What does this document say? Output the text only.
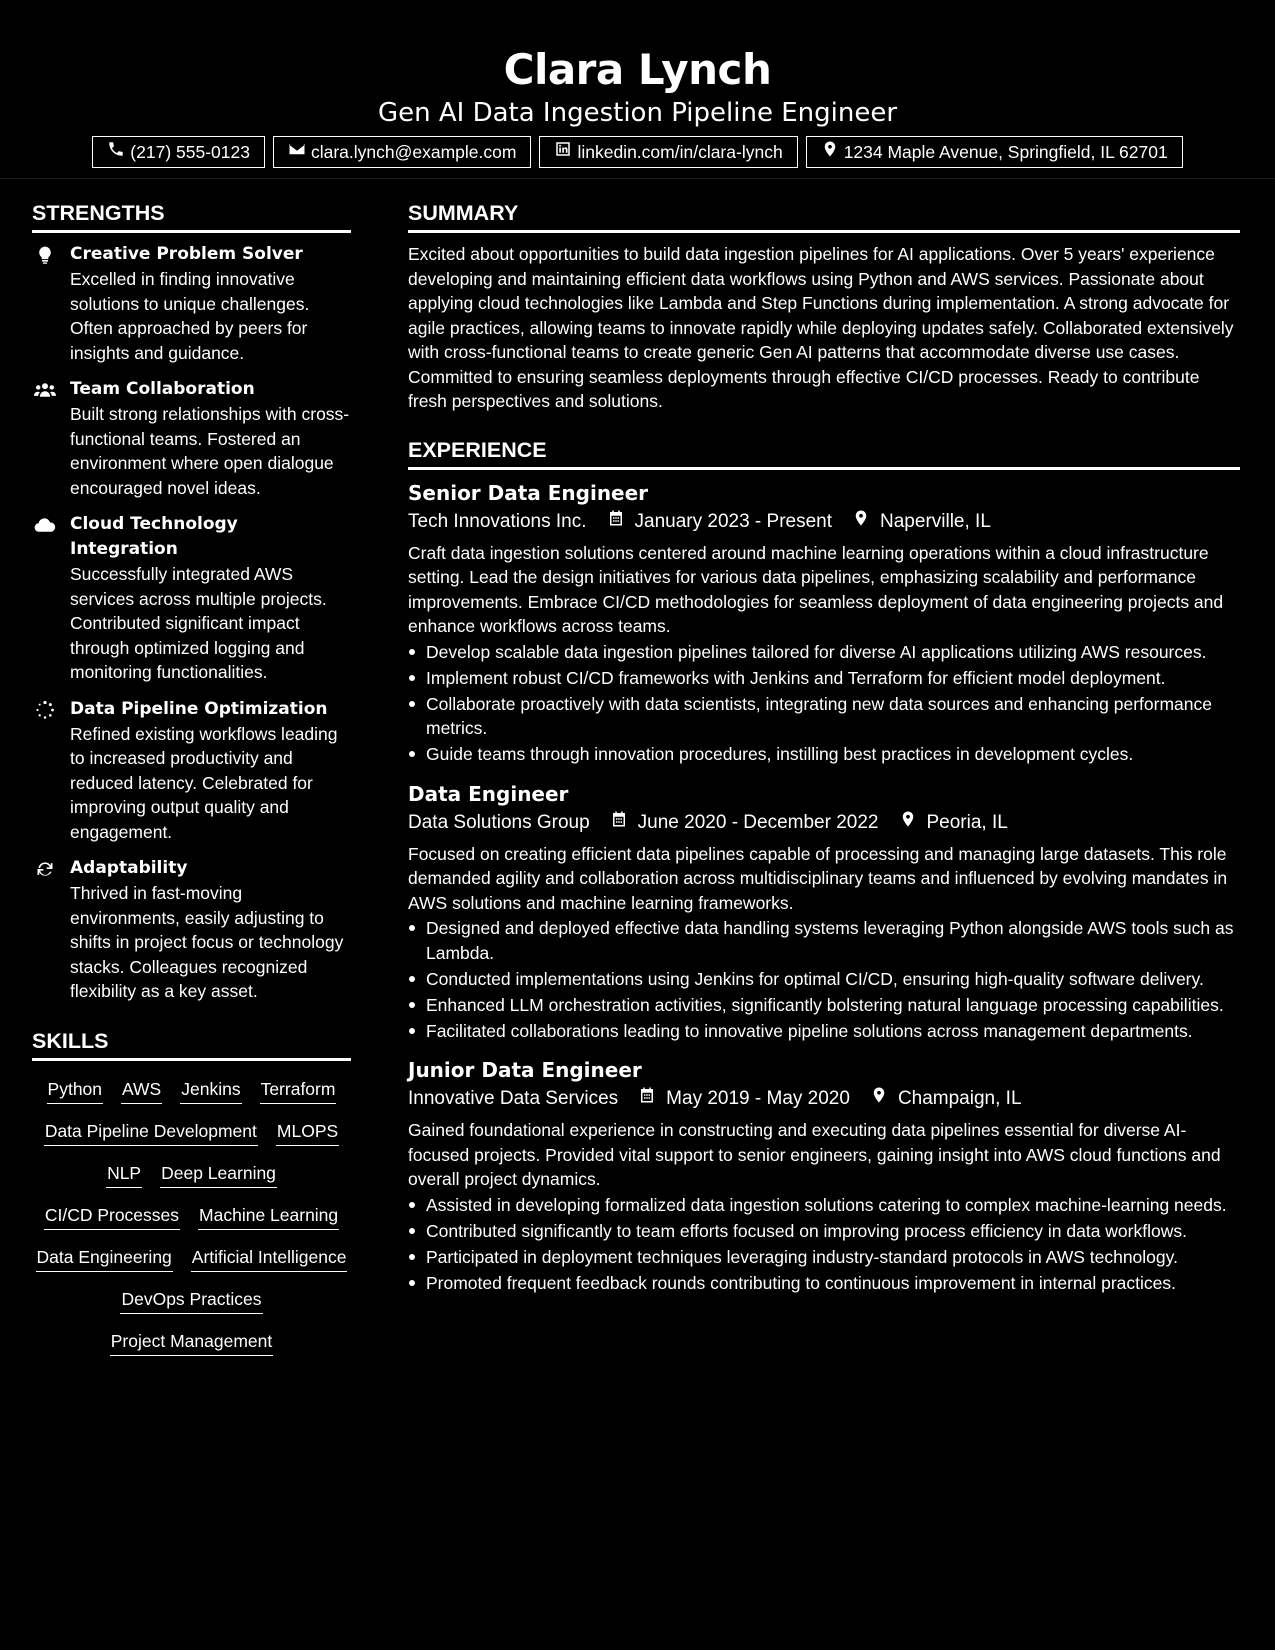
Clara Lynch
Gen AI Data Ingestion Pipeline Engineer
(217) 555-0123	clara.lynch@example.com	linkedin.com/in/clara-lynch	1234 Maple Avenue, Springfield, IL 62701
STRENGTHS
Creative Problem Solver
Excelled in finding innovative solutions to unique challenges. Often approached by peers for insights and guidance.
Team Collaboration
Built strong relationships with cross-functional teams. Fostered an environment where open dialogue encouraged novel ideas.
Cloud Technology Integration
Successfully integrated AWS services across multiple projects. Contributed significant impact through optimized logging and monitoring functionalities.
Data Pipeline Optimization
Refined existing workflows leading to increased productivity and reduced latency. Celebrated for improving output quality and engagement.
Adaptability
Thrived in fast-moving environments, easily adjusting to shifts in project focus or technology stacks. Colleagues recognized flexibility as a key asset.
SKILLS
Python AWS Jenkins Terraform
Data Pipeline Development MLOPS
NLP Deep Learning
CI/CD Processes Machine Learning
Data Engineering Artificial Intelligence
DevOps Practices
Project Management
SUMMARY
Excited about opportunities to build data ingestion pipelines for AI applications. Over 5 years' experience developing and maintaining efficient data workflows using Python and AWS services. Passionate about applying cloud technologies like Lambda and Step Functions during implementation. A strong advocate for agile practices, allowing teams to innovate rapidly while deploying updates safely. Collaborated extensively with cross-functional teams to create generic Gen AI patterns that accommodate diverse use cases. Committed to ensuring seamless deployments through effective CI/CD processes. Ready to contribute fresh perspectives and solutions.
EXPERIENCE
Senior Data Engineer
Tech Innovations Inc.	January 2023 - Present	Naperville, IL
Craft data ingestion solutions centered around machine learning operations within a cloud infrastructure setting. Lead the design initiatives for various data pipelines, emphasizing scalability and performance improvements. Embrace CI/CD methodologies for seamless deployment of data engineering projects and enhance workflows across teams.
Develop scalable data ingestion pipelines tailored for diverse AI applications utilizing AWS resources.
Implement robust CI/CD frameworks with Jenkins and Terraform for efficient model deployment.
Collaborate proactively with data scientists, integrating new data sources and enhancing performance metrics.
Guide teams through innovation procedures, instilling best practices in development cycles.
Data Engineer
Data Solutions Group	June 2020 - December 2022	Peoria, IL
Focused on creating efficient data pipelines capable of processing and managing large datasets. This role demanded agility and collaboration across multidisciplinary teams and influenced by evolving mandates in AWS solutions and machine learning frameworks.
Designed and deployed effective data handling systems leveraging Python alongside AWS tools such as Lambda.
Conducted implementations using Jenkins for optimal CI/CD, ensuring high-quality software delivery.
Enhanced LLM orchestration activities, significantly bolstering natural language processing capabilities.
Facilitated collaborations leading to innovative pipeline solutions across management departments.
Junior Data Engineer
Innovative Data Services	May 2019 - May 2020	Champaign, IL
Gained foundational experience in constructing and executing data pipelines essential for diverse AI-focused projects. Provided vital support to senior engineers, gaining insight into AWS cloud functions and overall project dynamics.
Assisted in developing formalized data ingestion solutions catering to complex machine-learning needs.
Contributed significantly to team efforts focused on improving process efficiency in data workflows.
Participated in deployment techniques leveraging industry-standard protocols in AWS technology.
Promoted frequent feedback rounds contributing to continuous improvement in internal practices.
